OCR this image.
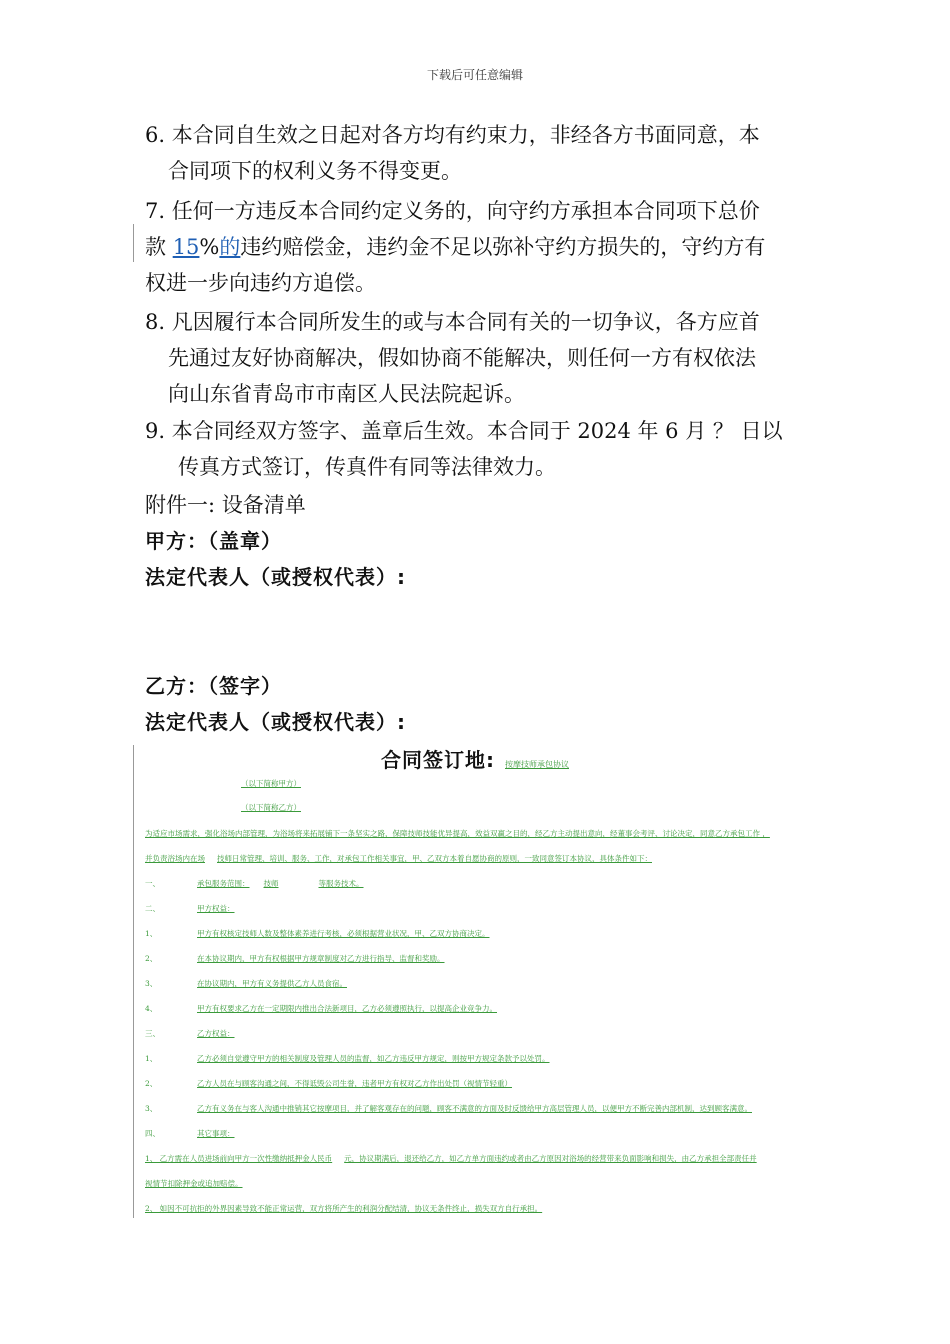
下载后可任意编辑
6. 本合同自生效之日起对各方均有约束力，非经各方书面同意，本
合同项下的权利义务不得变更。
7. 任何一方违反本合同约定义务的，向守约方承担本合同项下总价
款 15%的违约赔偿金，违约金不足以弥补守约方损失的，守约方有
权进一步向违约方追偿。
8. 凡因履行本合同所发生的或与本合同有关的一切争议，各方应首
先通过友好协商解决，假如协商不能解决，则任何一方有权依法
向山东省青岛市市南区人民法院起诉。
9. 本合同经双方签字、盖章后生效。本合同于 2024 年 6 月 ？ 日以
传真方式签订，传真件有同等法律效力。
附件一: 设备清单
甲方：（盖章）
法定代表人（或授权代表）:
乙方：（签字）
法定代表人（或授权代表）:
合同签订地: 按摩技师承包协议
（以下简称甲方）
（以下简称乙方）
为适应市场需求，强化浴场内部管理，为浴场将来拓展铺下一条坚实之路，保障技师技能优异提高，效益双赢之目的，经乙方主动提出意向，经董事会考评、讨论决定，同意乙方承包工作 ，
并负责浴场内在场 技师日常管理、培训、服务、工作，对承包工作相关事宜，甲、乙双方本着自愿协商的原则，一致同意签订本协议，具体条件如下：
一、	承包服务范围： 技师	等服务技术。
二、	甲方权益：
1、	甲方有权核定技师人数及整体素养进行考核，必须根据营业状况，甲、乙双方协商决定。
2、	在本协议期内，甲方有权根据甲方规章制度对乙方进行指导、监督和奖励。
3、	在协议期内，甲方有义务提供乙方人员食宿。
4、	甲方有权要求乙方在一定期限内推出合法新项目，乙方必须遵照执行，以提高企业竞争力。
三、	乙方权益：
1、	乙方必须自觉遵守甲方的相关制度及管理人员的监督，如乙方违反甲方规定，则按甲方规定条款予以处罚。
2、	乙方人员在与顾客沟通之间，不得诋毁公司生誉，违者甲方有权对乙方作出处罚（视情节轻重）
3、	乙方有义务在与客人沟通中推销其它按摩项目，并了解客观存在的问题，顾客不满意的方面及时反馈给甲方高层管理人员，以便甲方不断完善内部机制，达到顾客满意。
四、	其它事项：
1、 乙方需在人员进场前向甲方一次性缴纳抵押金人民币 元，协议期满后，退还给乙方，如乙方单方面违约或者由乙方原因对浴场的经营带来负面影响和损失，由乙方承担全部责任并
视情节扣除押金或追加赔偿。
2、 如因不可抗拒的外界因素导致不能正常运营，双方将所产生的利润分配结清，协议无条件终止，损失双方自行承担。
